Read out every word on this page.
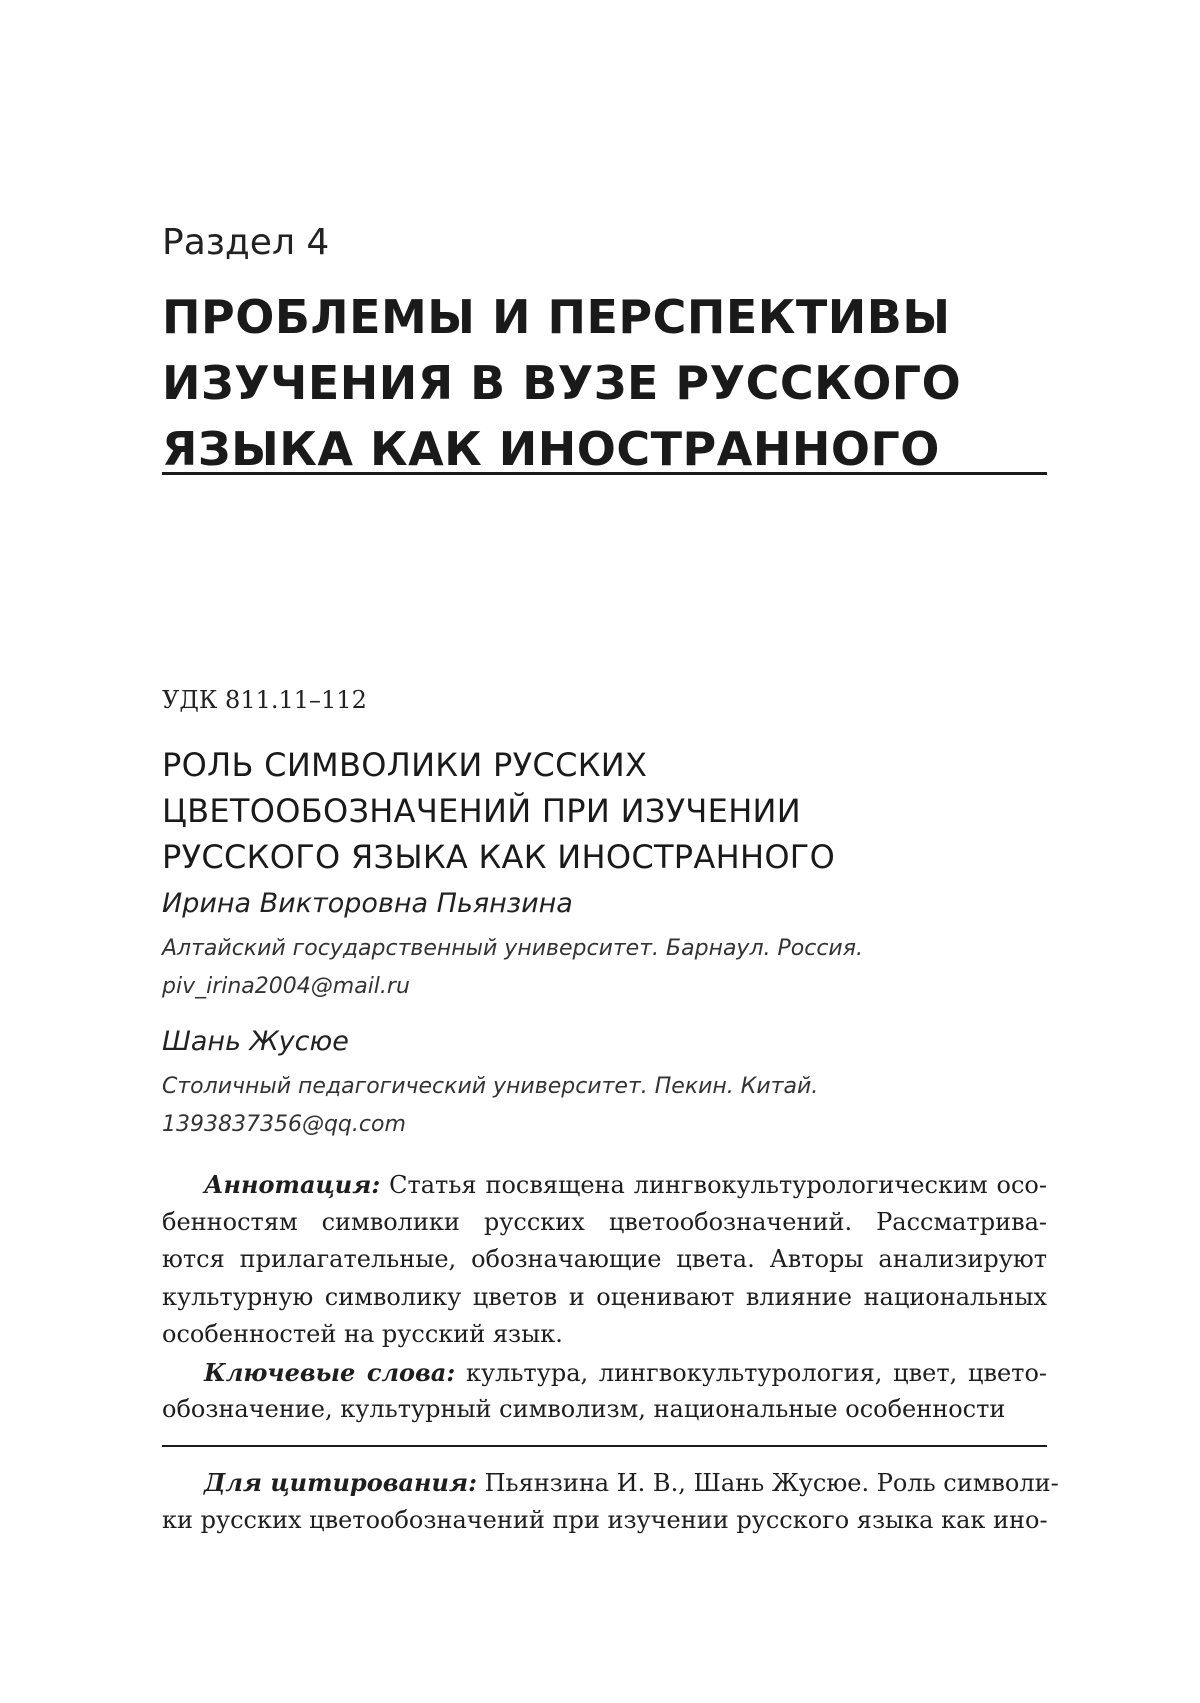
Раздел 4
ПРОБЛЕМЫ И ПЕРСПЕКТИВЫ
ИЗУЧЕНИЯ В ВУЗЕ РУССКОГО
ЯЗЫКА КАК ИНОСТРАННОГО
УДК 811.11–112
РОЛЬ СИМВОЛИКИ РУССКИХ
ЦВЕТООБОЗНАЧЕНИЙ ПРИ ИЗУЧЕНИИ
РУССКОГО ЯЗЫКА КАК ИНОСТРАННОГО
Ирина Викторовна Пьянзина
Алтайский государственный университет. Барнаул. Россия.
piv_irina2004@mail.ru
Шань Жусюе
Столичный педагогический университет. Пекин. Китай.
1393837356@qq.com
Аннотация: Статья посвящена лингвокультурологическим осо-
бенностям символики русских цветообозначений. Рассматрива-
ются прилагательные, обозначающие цвета. Авторы анализируют
культурную символику цветов и оценивают влияние национальных
особенностей на русский язык.
Ключевые слова: культура, лингвокультурология, цвет, цвето-
обозначение, культурный символизм, национальные особенности
Для цитирования: Пьянзина И. В., Шань Жусюе. Роль символи-
ки русских цветообозначений при изучении русского языка как ино-
